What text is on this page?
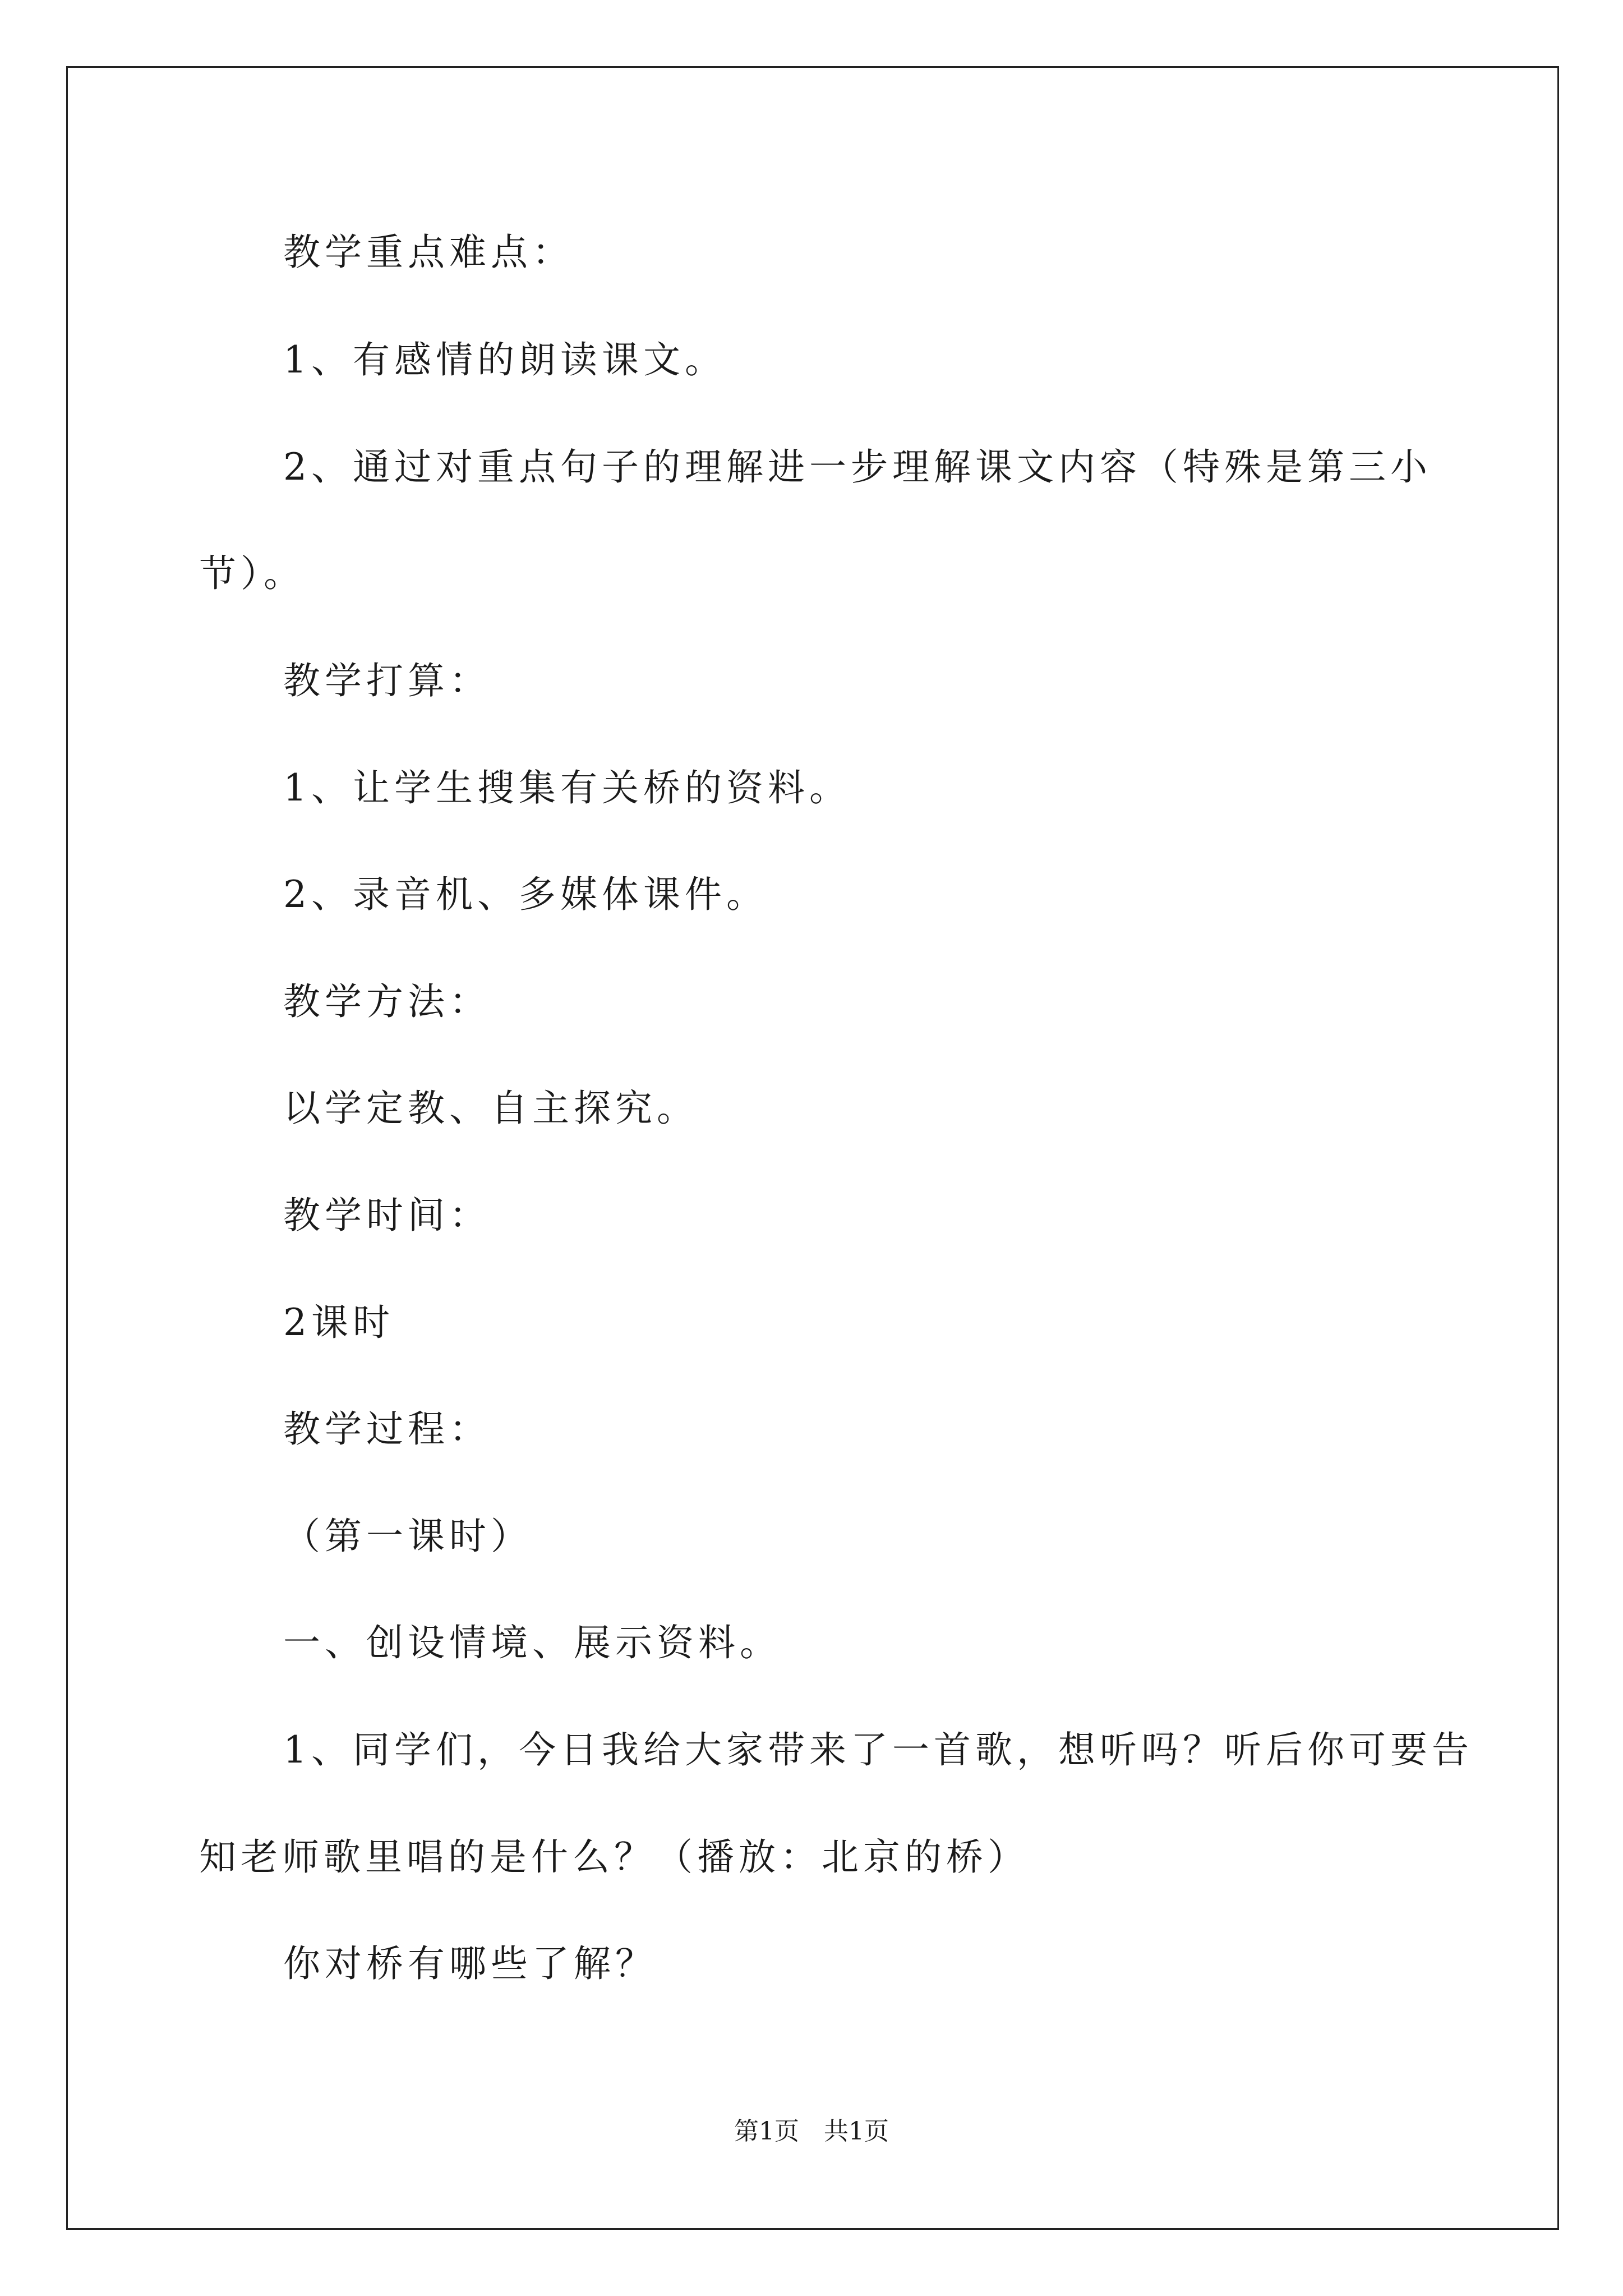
教学重点难点：
1、有感情的朗读课文。
2、通过对重点句子的理解进一步理解课文内容（特殊是第三小
节）。
教学打算：
1、让学生搜集有关桥的资料。
2、录音机、多媒体课件。
教学方法：
以学定教、自主探究。
教学时间：
2课时
教学过程：
（第一课时）
一、创设情境、展示资料。
1、同学们，今日我给大家带来了一首歌，想听吗？听后你可要告
知老师歌里唱的是什么？（播放：北京的桥）
你对桥有哪些了解？
第1页　共1页
